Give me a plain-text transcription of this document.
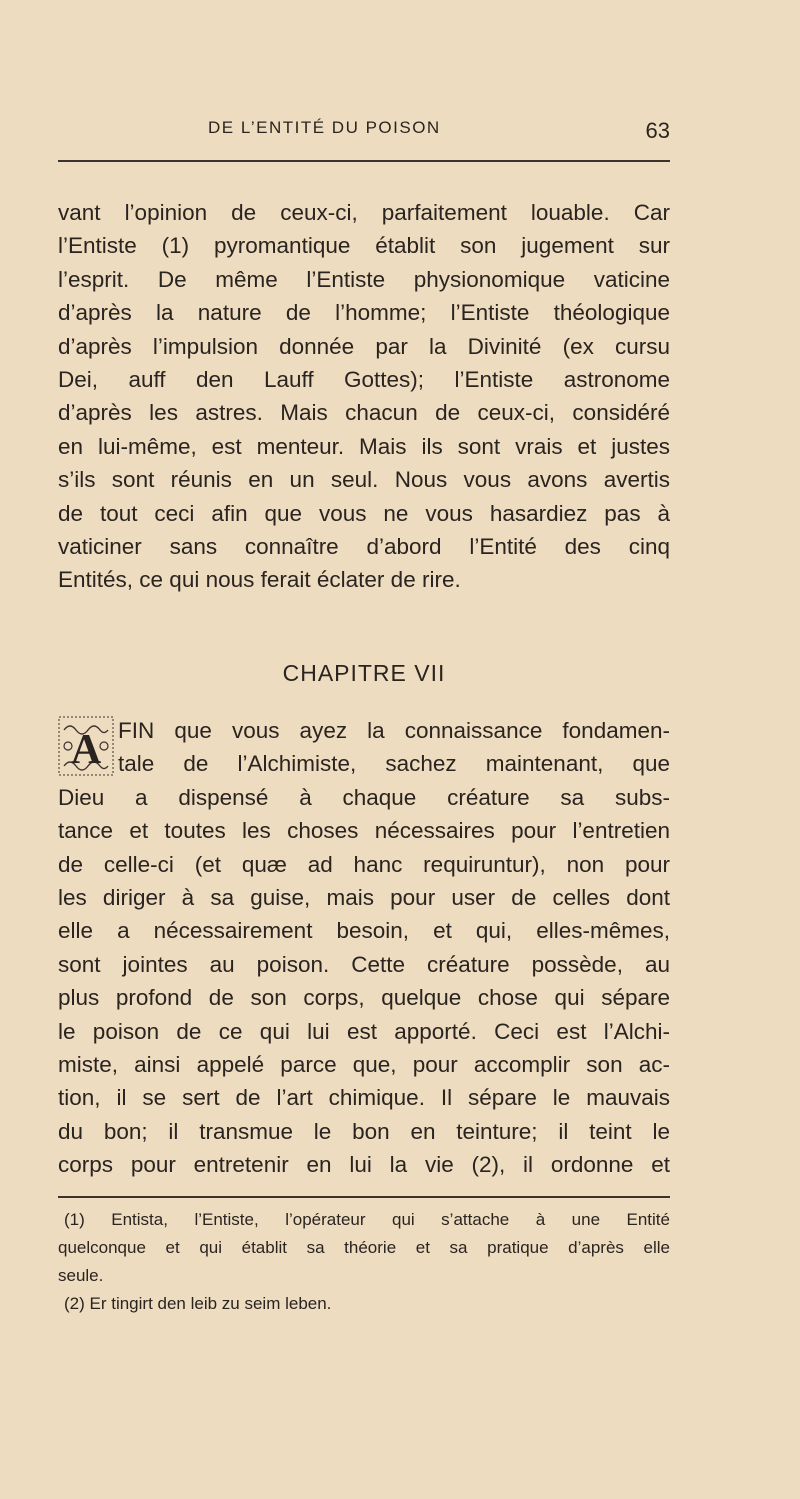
DE L’ENTITÉ DU POISON	63
vant l’opinion de ceux-ci, parfaitement louable. Car
l’Entiste (1) pyromantique établit son jugement sur
l’esprit. De même l’Entiste physionomique vaticine
d’après la nature de l’homme; l’Entiste théologique
d’après l’impulsion donnée par la Divinité (ex cursu
Dei, auff den Lauff Gottes); l’Entiste astronome
d’après les astres. Mais chacun de ceux-ci, considéré
en lui-même, est menteur. Mais ils sont vrais et justes
s’ils sont réunis en un seul. Nous vous avons avertis
de tout ceci afin que vous ne vous hasardiez pas à
vaticiner sans connaître d’abord l’Entité des cinq
Entités, ce qui nous ferait éclater de rire.
CHAPITRE VII
A FIN que vous ayez la connaissance fondamen-
tale de l’Alchimiste, sachez maintenant, que
Dieu a dispensé à chaque créature sa subs-
tance et toutes les choses nécessaires pour l’entretien
de celle-ci (et quæ ad hanc requiruntur), non pour
les diriger à sa guise, mais pour user de celles dont
elle a nécessairement besoin, et qui, elles-mêmes,
sont jointes au poison. Cette créature possède, au
plus profond de son corps, quelque chose qui sépare
le poison de ce qui lui est apporté. Ceci est l’Alchi-
miste, ainsi appelé parce que, pour accomplir son ac-
tion, il se sert de l’art chimique. Il sépare le mauvais
du bon; il transmue le bon en teinture; il teint le
corps pour entretenir en lui la vie (2), il ordonne et
(1) Entista, l’Entiste, l’opérateur qui s’attache à une Entité
quelconque et qui établit sa théorie et sa pratique d’après elle
seule.
(2) Er tingirt den leib zu seim leben.
